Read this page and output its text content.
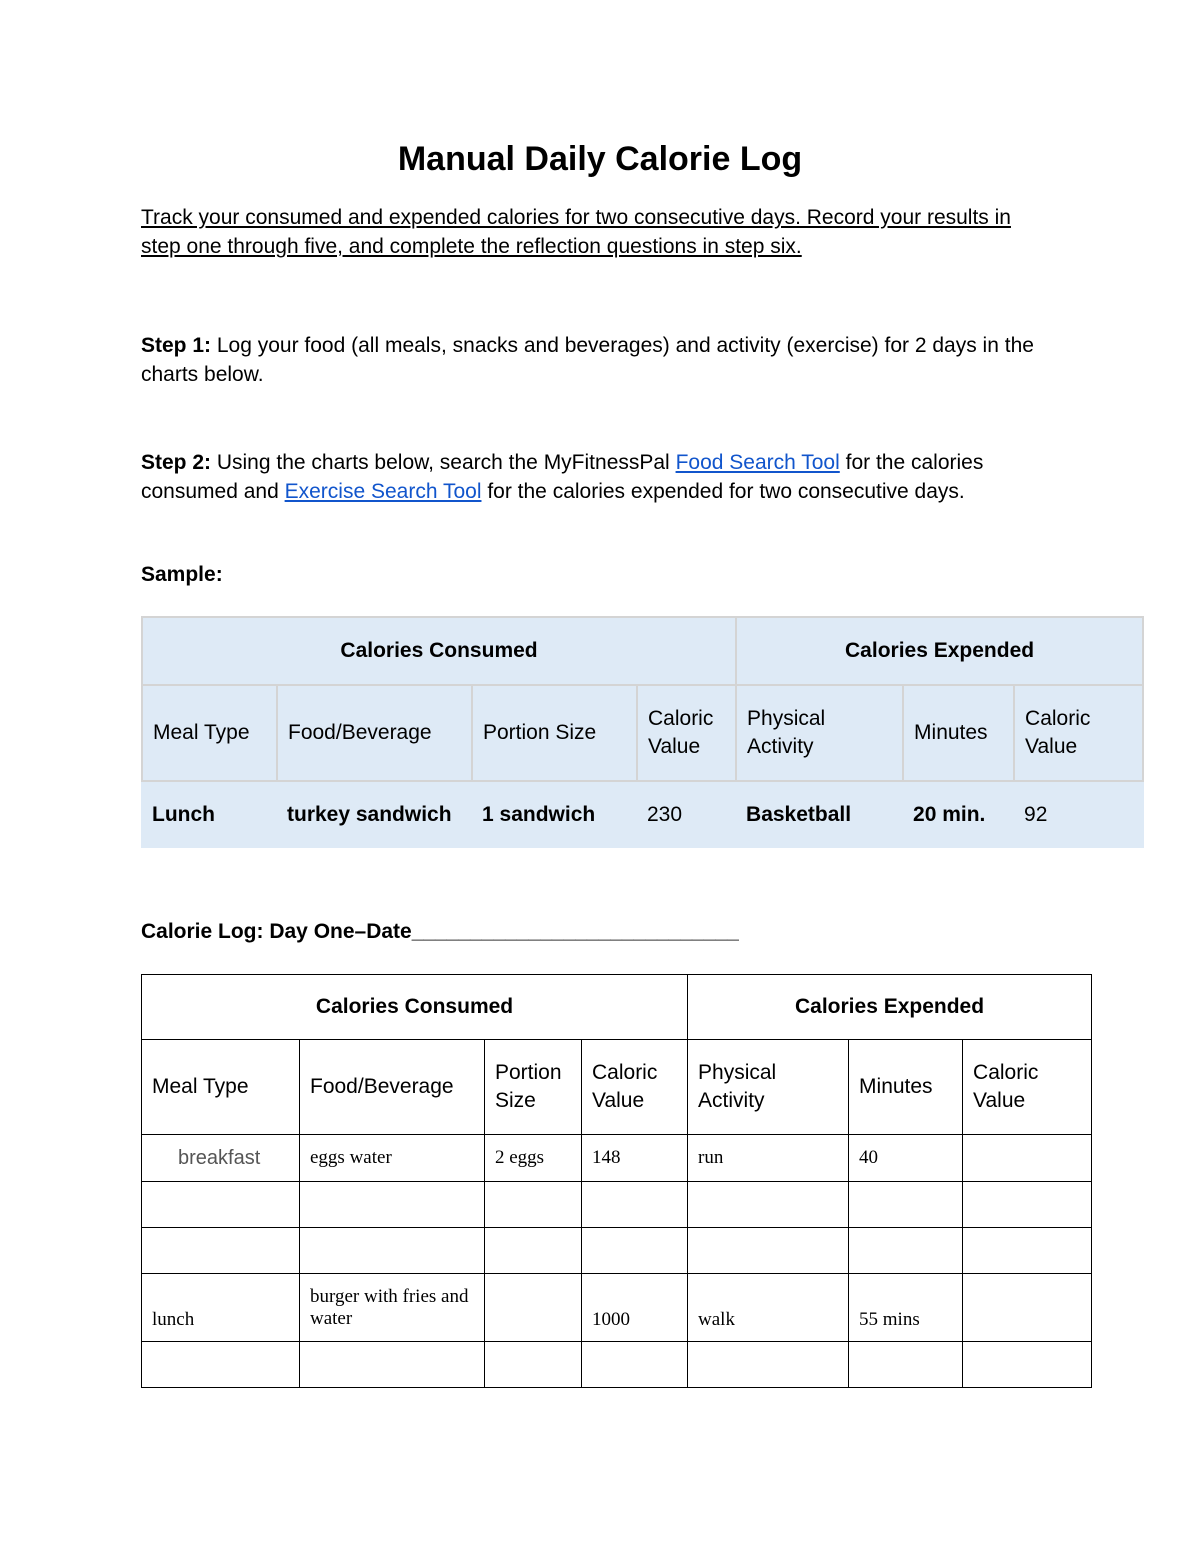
Manual Daily Calorie Log

Track your consumed and expended calories for two consecutive days. Record your results in step one through five, and complete the reflection questions in step six.

Step 1: Log your food (all meals, snacks and beverages) and activity (exercise) for 2 days in the charts below.

Step 2: Using the charts below, search the MyFitnessPal Food Search Tool for the calories consumed and Exercise Search Tool for the calories expended for two consecutive days.

Sample:

Calories Consumed				Calories Expended		
Meal Type	Food/Beverage	Portion Size	Caloric Value	Physical Activity	Minutes	Caloric Value
Lunch	turkey sandwich	1 sandwich	230	Basketball	20 min.	92

Calorie Log: Day One–Date____________________________

Calories Consumed				Calories Expended		
Meal Type	Food/Beverage	Portion Size	Caloric Value	Physical Activity	Minutes	Caloric Value
breakfast	eggs water	2 eggs	148	run	40	

lunch	burger with fries and water		1000	walk	55 mins	
